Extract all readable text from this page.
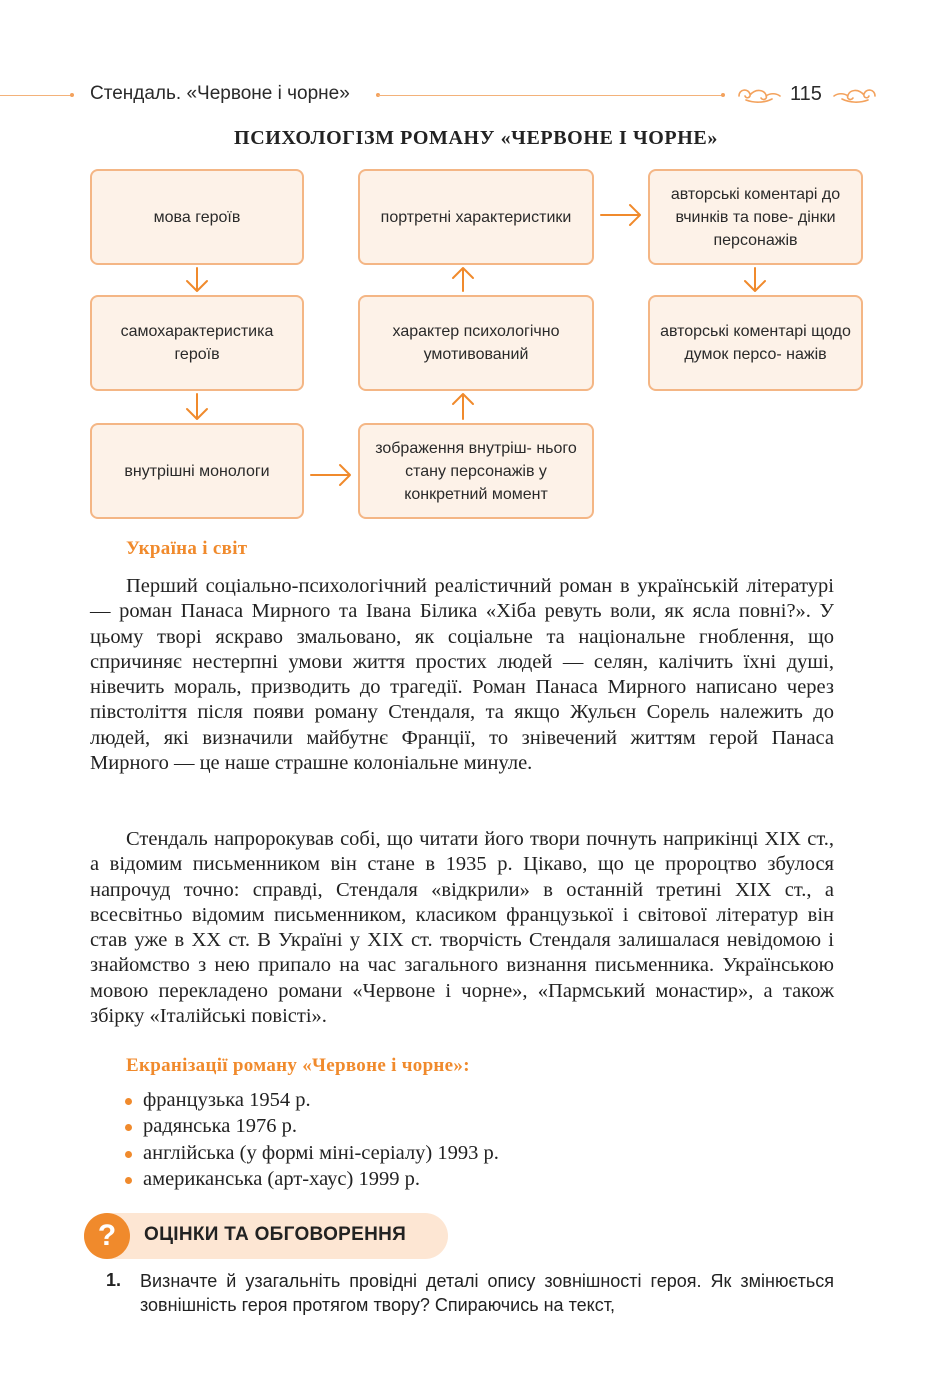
Стендаль. «Червоне і чорне»	115
ПСИХОЛОГІЗМ РОМАНУ «ЧЕРВОНЕ І ЧОРНЕ»
мова героїв
самохарактеристика героїв
внутрішні монологи
портретні характеристики
характер психологічно умотивований
зображення внутріш- нього стану персонажів у конкретний момент
авторські коментарі до вчинків та пове- дінки персонажів
авторські коментарі щодо думок персо- нажів
Україна і світ

Перший соціально-психологічний реалістичний роман в українській літературі — роман Панаса Мирного та Івана Білика «Хіба ревуть воли, як ясла повні?». У цьому творі яскраво змальовано, як соціальне та національне гноблення, що спричиняє нестерпні умови життя простих людей — селян, калічить їхні душі, нівечить мораль, призводить до трагедії. Роман Панаса Мирного написано через півстоліття після появи роману Стендаля, та якщо Жульєн Сорель належить до людей, які визначили майбутнє Франції, то знівечений життям герой Панаса Мирного — це наше страшне колоніальне минуле.

Стендаль напророкував собі, що читати його твори почнуть наприкінці XIX ст., а відомим письменником він стане в 1935 р. Цікаво, що це пророцтво збулося напрочуд точно: справді, Стендаля «відкрили» в останній третині XIX ст., а всесвітньо відомим письменником, класиком французької і світової літератур він став уже в XX ст. В Україні у XIX ст. творчість Стендаля залишалася невідомою і знайомство з нею припало на час загального визнання письменника. Українською мовою перекладено романи «Червоне і чорне», «Пармський монастир», а також збірку «Італійські повісті».

Екранізації роману «Червоне і чорне»:
французька 1954 р.
радянська 1976 р.
англійська (у формі міні-серіалу) 1993 р.
американська (арт-хаус) 1999 р.
?	ОЦІНКИ ТА ОБГОВОРЕННЯ
1. Визначте й узагальніть провідні деталі опису зовнішності героя. Як змінюється зовнішність героя протягом твору? Спираючись на текст,
